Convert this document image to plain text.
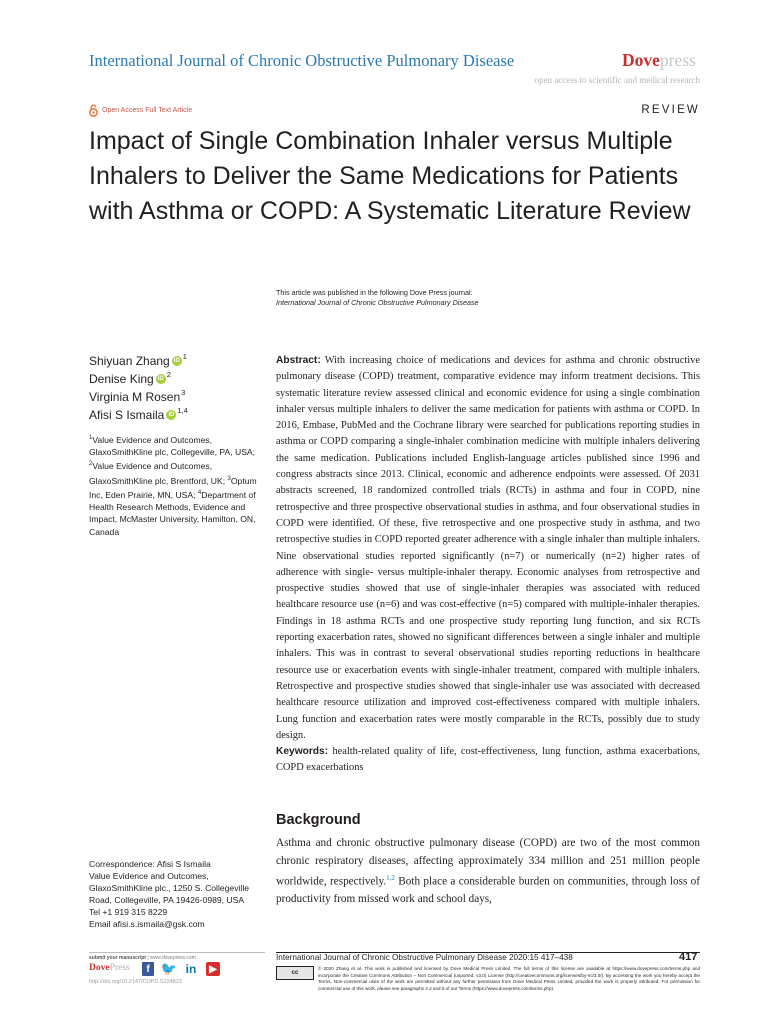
International Journal of Chronic Obstructive Pulmonary Disease	Dovepress
open access to scientific and medical research
Open Access Full Text Article	REVIEW
Impact of Single Combination Inhaler versus Multiple Inhalers to Deliver the Same Medications for Patients with Asthma or COPD: A Systematic Literature Review
This article was published in the following Dove Press journal:
International Journal of Chronic Obstructive Pulmonary Disease
Shiyuan Zhang iD $^1$
Denise King iD $^2$
Virginia M Rosen$^3$
Afisi S Ismaila iD $^{1,4}$

$^1$Value Evidence and Outcomes, GlaxoSmithKline plc, Collegeville, PA, USA; $^2$Value Evidence and Outcomes, GlaxoSmithKline plc, Brentford, UK; $^3$Optum Inc, Eden Prairie, MN, USA; $^4$Department of Health Research Methods, Evidence and Impact, McMaster University, Hamilton, ON, Canada

Abstract: With increasing choice of medications and devices for asthma and chronic obstructive pulmonary disease (COPD) treatment, comparative evidence may inform treatment decisions. This systematic literature review assessed clinical and economic evidence for using a single combination inhaler versus multiple inhalers to deliver the same medication for patients with asthma or COPD. In 2016, Embase, PubMed and the Cochrane library were searched for publications reporting studies in asthma or COPD comparing a single-inhaler combination medicine with multiple inhalers delivering the same medication. Publications included English-language articles published since 1996 and congress abstracts since 2013. Clinical, economic and adherence endpoints were assessed. Of 2031 abstracts screened, 18 randomized controlled trials (RCTs) in asthma and four in COPD, nine retrospective and three prospective observational studies in asthma, and four observational studies in COPD were identified. Of these, five retrospective and one prospective study in asthma, and two retrospective studies in COPD reported greater adherence with a single inhaler than multiple inhalers. Nine observational studies reported significantly (n=7) or numerically (n=2) higher rates of adherence with single- versus multiple-inhaler therapy. Economic analyses from retrospective and prospective studies showed that use of single-inhaler therapies was associated with reduced healthcare resource use (n=6) and was cost-effective (n=5) compared with multiple-inhaler therapies. Findings in 18 asthma RCTs and one prospective study reporting lung function, and six RCTs reporting exacerbation rates, showed no significant differences between a single inhaler and multiple inhalers. This was in contrast to several observational studies reporting reductions in healthcare resource use or exacerbation events with single-inhaler treatment, compared with multiple inhalers. Retrospective and prospective studies showed that single-inhaler use was associated with decreased healthcare resource utilization and improved cost-effectiveness compared with multiple inhalers. Lung function and exacerbation rates were mostly comparable in the RCTs, possibly due to study design.

Keywords: health-related quality of life, cost-effectiveness, lung function, asthma exacerbations, COPD exacerbations

Background
Asthma and chronic obstructive pulmonary disease (COPD) are two of the most common chronic respiratory diseases, affecting approximately 334 million and 251 million people worldwide, respectively.$^{1,2}$ Both place a considerable burden on communities, through loss of productivity from missed work and school days,

Correspondence: Afisi S Ismaila

Value Evidence and Outcomes,

GlaxoSmithKline plc., 1250 S. Collegeville

Road, Collegeville, PA 19426-0989, USA

Tel +1 919 315 8229

Email afisi.s.ismaila@gsk.com

submit your manuscript | www.dovepress.com
DovePress	f 🐦 in	▶
http://doi.org/10.2147/COPD.S224823
International Journal of Chronic Obstructive Pulmonary Disease 2020:15 417–438	417
cc
© 2020 Zhang et al. This work is published and licensed by Dove Medical Press Limited. The full terms of this license are available at https://www.dovepress.com/terms.php and incorporate the Creative Commons Attribution – Non Commercial (unported, v3.0) License (http://creativecommons.org/licenses/by-nc/3.0/). By accessing the work you hereby accept the Terms. Non-commercial uses of the work are permitted without any further permission from Dove Medical Press Limited, provided the work is properly attributed. For permission for commercial use of this work, please see paragraphs 4.2 and 5 of our Terms (https://www.dovepress.com/terms.php).
